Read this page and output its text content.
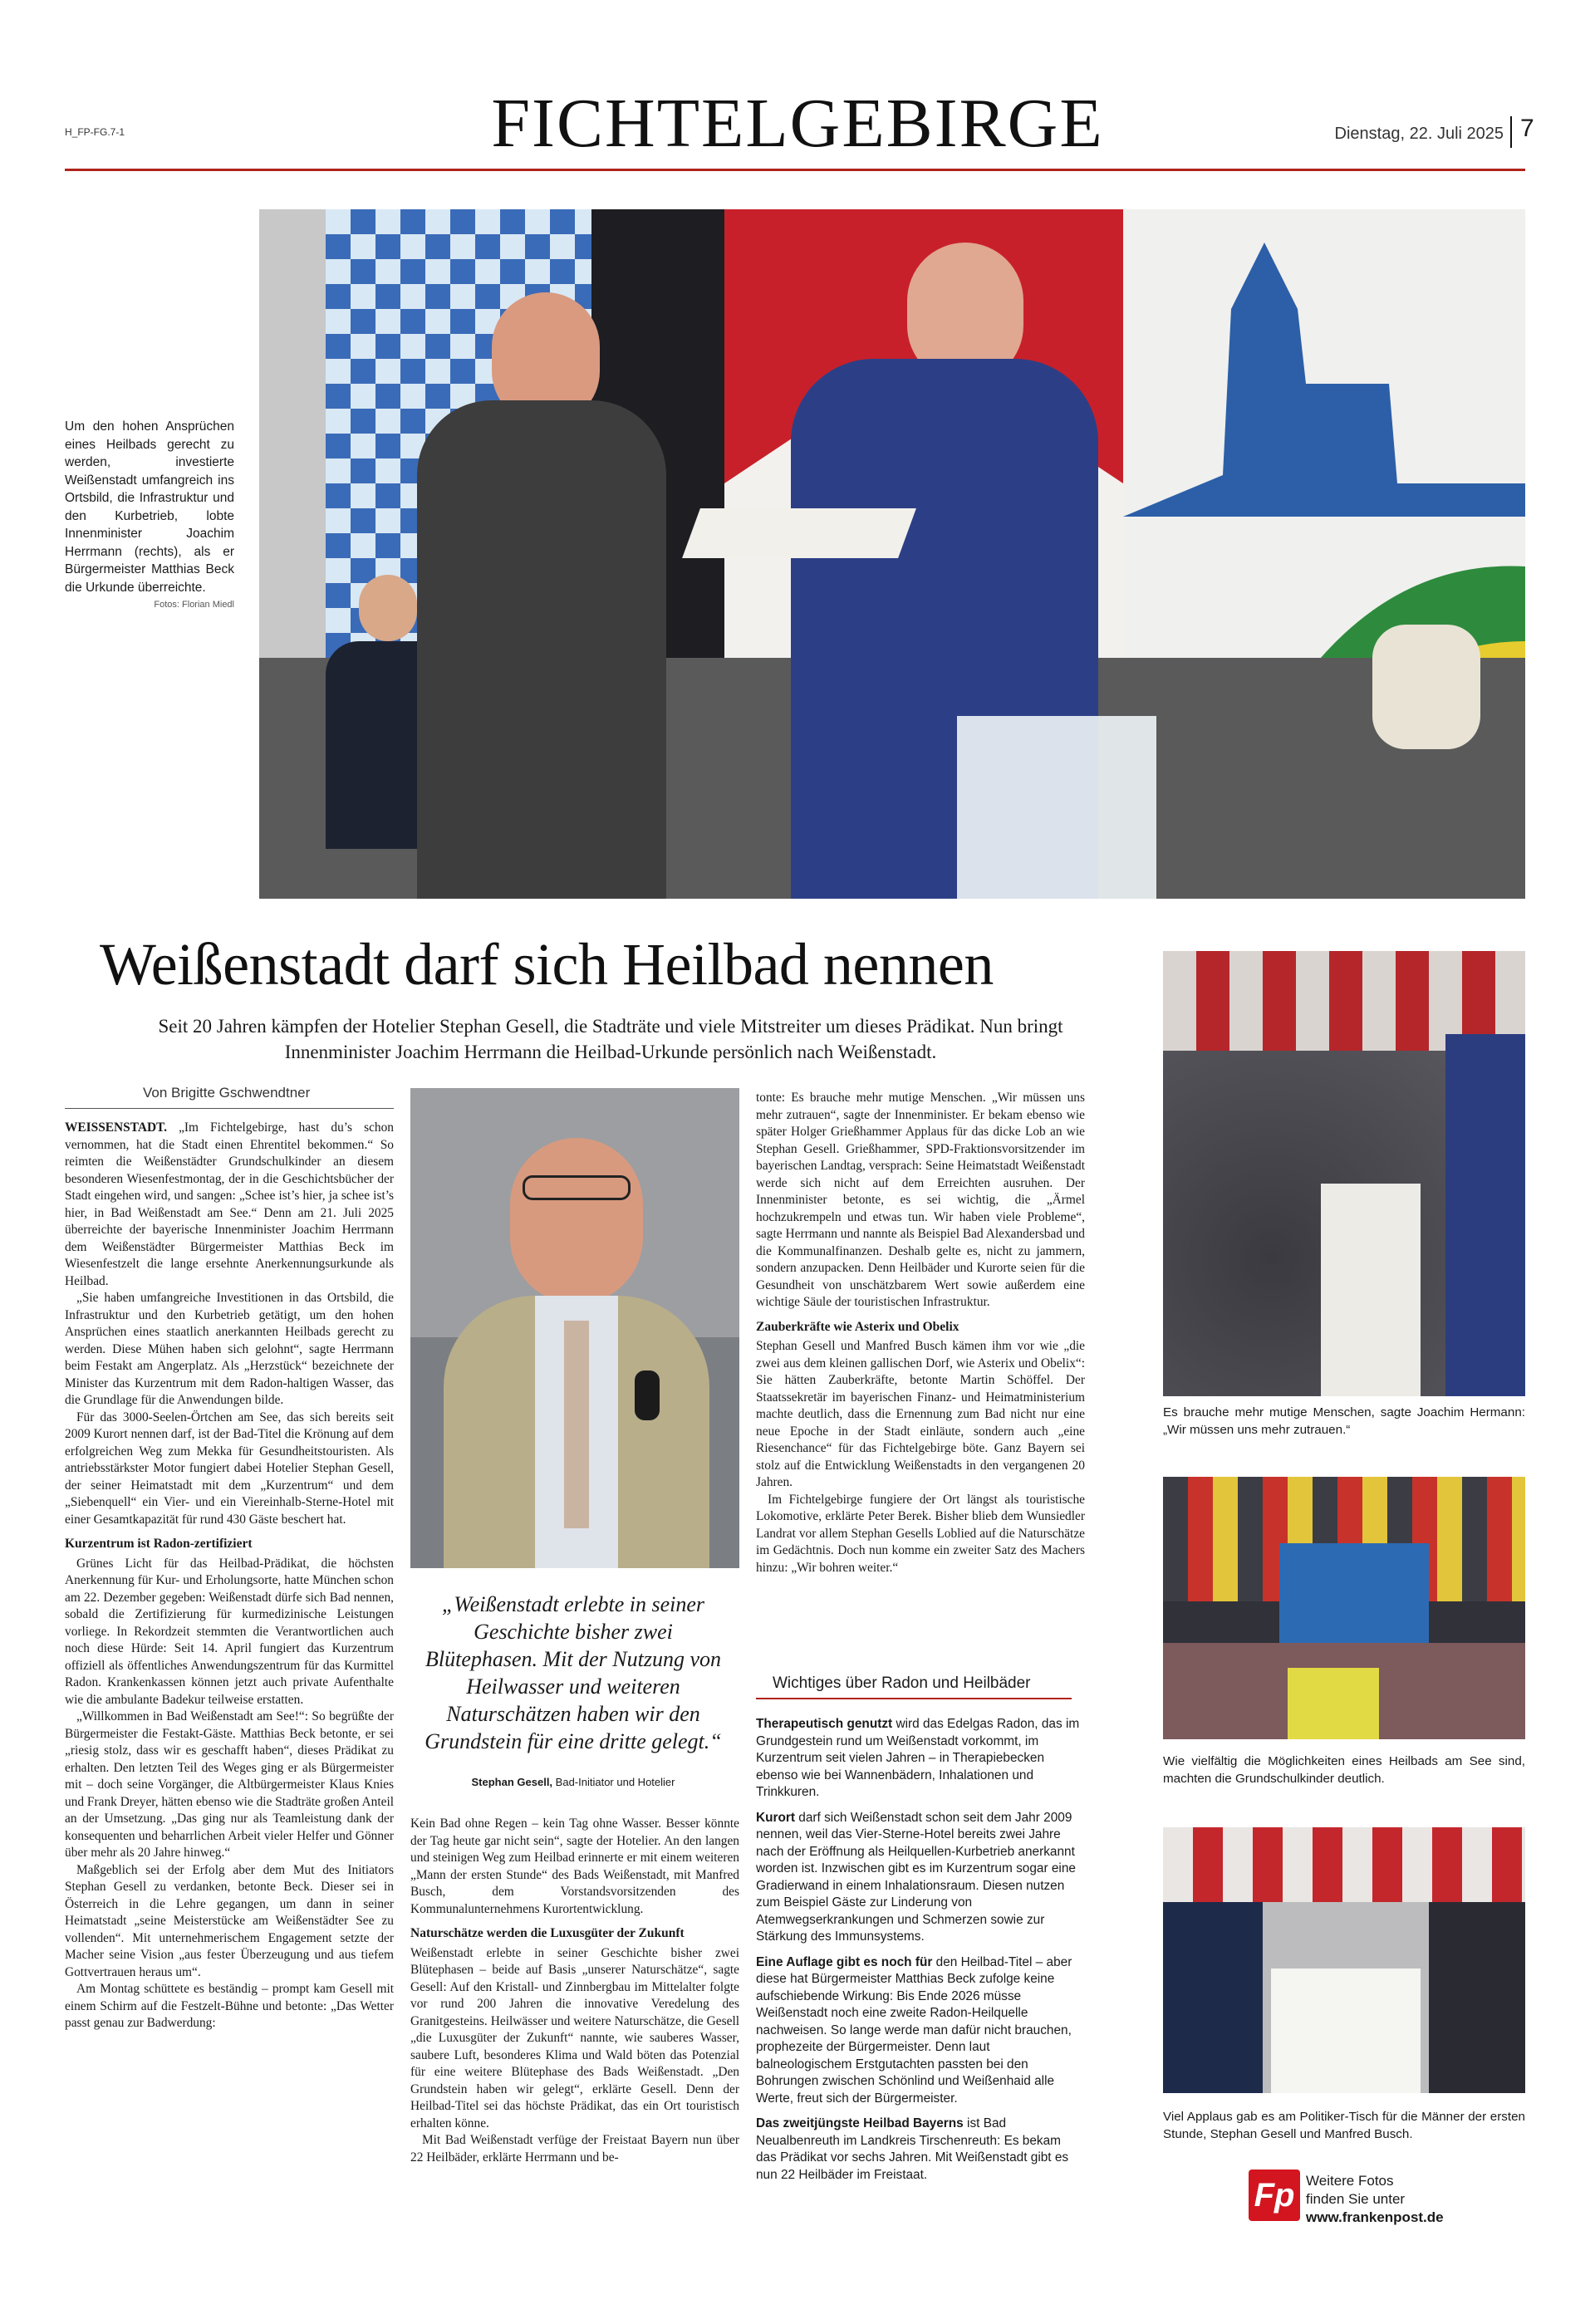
H_FP-FG.7-1	FICHTELGEBIRGE	Dienstag, 22. Juli 2025 7
Um den hohen Ansprüchen eines Heilbads gerecht zu werden, investierte Weißenstadt umfangreich ins Ortsbild, die Infrastruktur und den Kurbetrieb, lobte Innenminister Joachim Herrmann (rechts), als er Bürgermeister Matthias Beck die Urkunde überreichte.
Fotos: Florian Miedl
Weißenstadt darf sich Heilbad nennen
Seit 20 Jahren kämpfen der Hotelier Stephan Gesell, die Stadträte und viele Mitstreiter um dieses Prädikat. Nun bringt Innenminister Joachim Herrmann die Heilbad-Urkunde persönlich nach Weißenstadt.
Von Brigitte Gschwendtner

WEISSENSTADT. „Im Fichtelgebirge, hast du’s schon vernommen, hat die Stadt einen Ehrentitel bekommen.“ So reimten die Weißenstädter Grundschulkinder an diesem besonderen Wiesenfestmontag, der in die Geschichtsbücher der Stadt eingehen wird, und sangen: „Schee ist’s hier, ja schee ist’s hier, in Bad Weißenstadt am See.“ Denn am 21. Juli 2025 überreichte der bayerische Innenminister Joachim Herrmann dem Weißenstädter Bürgermeister Matthias Beck im Wiesenfestzelt die lange ersehnte Anerkennungsurkunde als Heilbad.

„Sie haben umfangreiche Investitionen in das Ortsbild, die Infrastruktur und den Kurbetrieb getätigt, um den hohen Ansprüchen eines staatlich anerkannten Heilbads gerecht zu werden. Diese Mühen haben sich gelohnt“, sagte Herrmann beim Festakt am Angerplatz. Als „Herzstück“ bezeichnete der Minister das Kurzentrum mit dem Radon-haltigen Wasser, das die Grundlage für die Anwendungen bilde.

Für das 3000-Seelen-Örtchen am See, das sich bereits seit 2009 Kurort nennen darf, ist der Bad-Titel die Krönung auf dem erfolgreichen Weg zum Mekka für Gesundheitstouristen. Als antriebsstärkster Motor fungiert dabei Hotelier Stephan Gesell, der seiner Heimatstadt mit dem „Kurzentrum“ und dem „Siebenquell“ ein Vier- und ein Viereinhalb-Sterne-Hotel mit einer Gesamtkapazität für rund 430 Gäste beschert hat.

Kurzentrum ist Radon-zertifiziert

Grünes Licht für das Heilbad-Prädikat, die höchsten Anerkennung für Kur- und Erholungsorte, hatte München schon am 22. Dezember gegeben: Weißenstadt dürfe sich Bad nennen, sobald die Zertifizierung für kurmedizinische Leistungen vorliege. In Rekordzeit stemmten die Verantwortlichen auch noch diese Hürde: Seit 14. April fungiert das Kurzentrum offiziell als öffentliches Anwendungszentrum für das Kurmittel Radon. Krankenkassen können jetzt auch private Aufenthalte wie die ambulante Badekur teilweise erstatten.

„Willkommen in Bad Weißenstadt am See!“: So begrüßte der Bürgermeister die Festakt-Gäste. Matthias Beck betonte, er sei „riesig stolz, dass wir es geschafft haben“, dieses Prädikat zu erhalten. Den letzten Teil des Weges ging er als Bürgermeister mit – doch seine Vorgänger, die Altbürgermeister Klaus Knies und Frank Dreyer, hätten ebenso wie die Stadträte großen Anteil an der Umsetzung. „Das ging nur als Teamleistung dank der konsequenten und beharrlichen Arbeit vieler Helfer und Gönner über mehr als 20 Jahre hinweg.“

Maßgeblich sei der Erfolg aber dem Mut des Initiators Stephan Gesell zu verdanken, betonte Beck. Dieser sei in Österreich in die Lehre gegangen, um dann in seiner Heimatstadt „seine Meisterstücke am Weißenstädter See zu vollenden“. Mit unternehmerischem Engagement setzte der Macher seine Vision „aus fester Überzeugung und aus tiefem Gottvertrauen heraus um“.

Am Montag schüttete es beständig – prompt kam Gesell mit einem Schirm auf die Festzelt-Bühne und betonte: „Das Wetter passt genau zur Badwerdung:

„Weißenstadt erlebte in seiner Geschichte bisher zwei Blütephasen. Mit der Nutzung von Heilwasser und weiteren Naturschätzen haben wir den Grundstein für eine dritte gelegt.“
Stephan Gesell, Bad-Initiator und Hotelier

Kein Bad ohne Regen – kein Tag ohne Wasser. Besser könnte der Tag heute gar nicht sein“, sagte der Hotelier. An den langen und steinigen Weg zum Heilbad erinnerte er mit einem weiteren „Mann der ersten Stunde“ des Bads Weißenstadt, mit Manfred Busch, dem Vorstandsvorsitzenden des Kommunalunternehmens Kurortentwicklung.

Naturschätze werden die Luxusgüter der Zukunft

Weißenstadt erlebte in seiner Geschichte bisher zwei Blütephasen – beide auf Basis „unserer Naturschätze“, sagte Gesell: Auf den Kristall- und Zinnbergbau im Mittelalter folgte vor rund 200 Jahren die innovative Veredelung des Granitgesteins. Heilwässer und weitere Naturschätze, die Gesell „die Luxusgüter der Zukunft“ nannte, wie sauberes Wasser, saubere Luft, besonderes Klima und Wald böten das Potenzial für eine weitere Blütephase des Bads Weißenstadt. „Den Grundstein haben wir gelegt“, erklärte Gesell. Denn der Heilbad-Titel sei das höchste Prädikat, das ein Ort touristisch erhalten könne.

Mit Bad Weißenstadt verfüge der Freistaat Bayern nun über 22 Heilbäder, erklärte Herrmann und be-

tonte: Es brauche mehr mutige Menschen. „Wir müssen uns mehr zutrauen“, sagte der Innenminister. Er bekam ebenso wie später Holger Grießhammer Applaus für das dicke Lob an wie Stephan Gesell. Grießhammer, SPD-Fraktionsvorsitzender im bayerischen Landtag, versprach: Seine Heimatstadt Weißenstadt werde sich nicht auf dem Erreichten ausruhen. Der Innenminister betonte, es sei wichtig, die „Ärmel hochzukrempeln und etwas tun. Wir haben viele Probleme“, sagte Herrmann und nannte als Beispiel Bad Alexandersbad und die Kommunalfinanzen. Deshalb gelte es, nicht zu jammern, sondern anzupacken. Denn Heilbäder und Kurorte seien für die Gesundheit von unschätzbarem Wert sowie außerdem eine wichtige Säule der touristischen Infrastruktur.

Zauberkräfte wie Asterix und Obelix

Stephan Gesell und Manfred Busch kämen ihm vor wie „die zwei aus dem kleinen gallischen Dorf, wie Asterix und Obelix“: Sie hätten Zauberkräfte, betonte Martin Schöffel. Der Staatssekretär im bayerischen Finanz- und Heimatministerium machte deutlich, dass die Ernennung zum Bad nicht nur eine neue Epoche in der Stadt einläute, sondern auch „eine Riesenchance“ für das Fichtelgebirge böte. Ganz Bayern sei stolz auf die Entwicklung Weißenstadts in den vergangenen 20 Jahren.

Im Fichtelgebirge fungiere der Ort längst als touristische Lokomotive, erklärte Peter Berek. Bisher blieb dem Wunsiedler Landrat vor allem Stephan Gesells Loblied auf die Naturschätze im Gedächtnis. Doch nun komme ein zweiter Satz des Machers hinzu: „Wir bohren weiter.“

Wichtiges über Radon und Heilbäder

Therapeutisch genutzt wird das Edelgas Radon, das im Grundgestein rund um Weißenstadt vorkommt, im Kurzentrum seit vielen Jahren – in Therapiebecken ebenso wie bei Wannenbädern, Inhalationen und Trinkkuren.

Kurort darf sich Weißenstadt schon seit dem Jahr 2009 nennen, weil das Vier-Sterne-Hotel bereits zwei Jahre nach der Eröffnung als Heilquellen-Kurbetrieb anerkannt worden ist. Inzwischen gibt es im Kurzentrum sogar eine Gradierwand in einem Inhalationsraum. Diesen nutzen zum Beispiel Gäste zur Linderung von Atemwegserkrankungen und Schmerzen sowie zur Stärkung des Immunsystems.

Eine Auflage gibt es noch für den Heilbad-Titel – aber diese hat Bürgermeister Matthias Beck zufolge keine aufschiebende Wirkung: Bis Ende 2026 müsse Weißenstadt noch eine zweite Radon-Heilquelle nachweisen. So lange werde man dafür nicht brauchen, prophezeite der Bürgermeister. Denn laut balneologischem Erstgutachten passten bei den Bohrungen zwischen Schönlind und Weißenhaid alle Werte, freut sich der Bürgermeister.

Das zweitjüngste Heilbad Bayerns ist Bad Neualbenreuth im Landkreis Tirschenreuth: Es bekam das Prädikat vor sechs Jahren. Mit Weißenstadt gibt es nun 22 Heilbäder im Freistaat.

Es brauche mehr mutige Menschen, sagte Joachim Hermann: „Wir müssen uns mehr zutrauen.“
Wie vielfältig die Möglichkeiten eines Heilbads am See sind, machten die Grundschulkinder deutlich.
Viel Applaus gab es am Politiker-Tisch für die Männer der ersten Stunde, Stephan Gesell und Manfred Busch.
Fp Weitere Fotos
finden Sie unter
www.frankenpost.de
